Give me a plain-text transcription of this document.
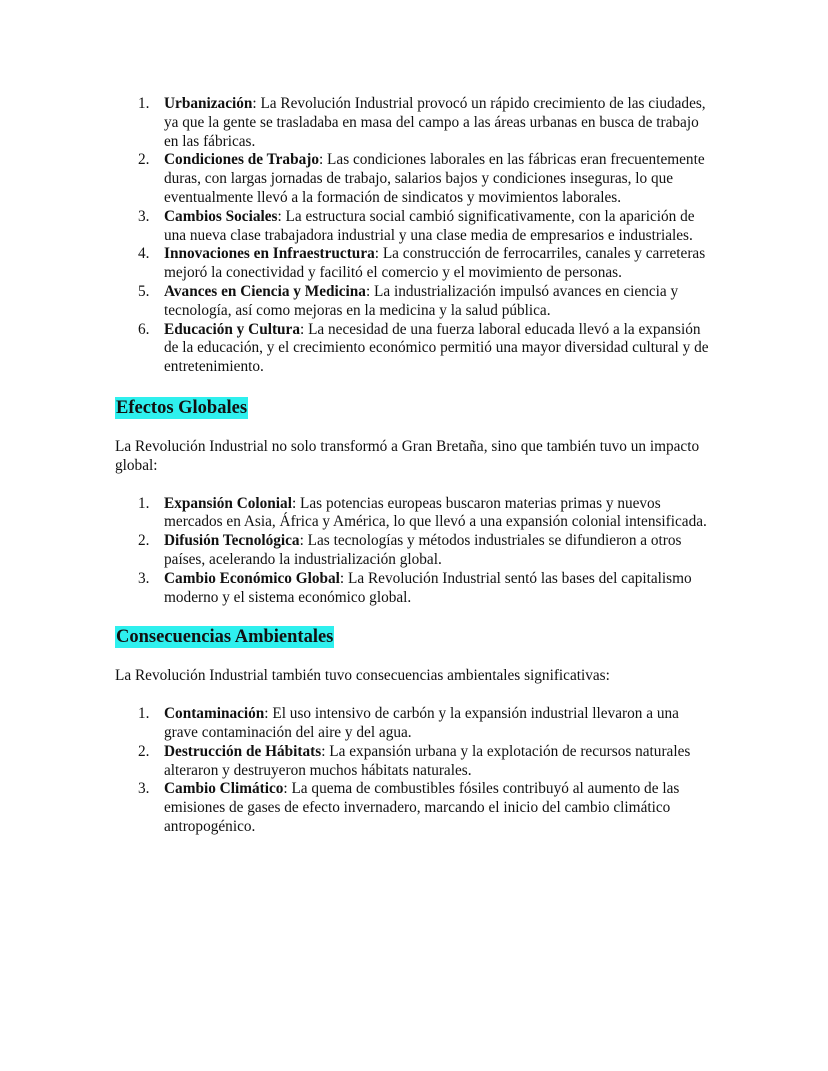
1. Urbanización: La Revolución Industrial provocó un rápido crecimiento de las ciudades, ya que la gente se trasladaba en masa del campo a las áreas urbanas en busca de trabajo en las fábricas.
2. Condiciones de Trabajo: Las condiciones laborales en las fábricas eran frecuentemente duras, con largas jornadas de trabajo, salarios bajos y condiciones inseguras, lo que eventualmente llevó a la formación de sindicatos y movimientos laborales.
3. Cambios Sociales: La estructura social cambió significativamente, con la aparición de una nueva clase trabajadora industrial y una clase media de empresarios e industriales.
4. Innovaciones en Infraestructura: La construcción de ferrocarriles, canales y carreteras mejoró la conectividad y facilitó el comercio y el movimiento de personas.
5. Avances en Ciencia y Medicina: La industrialización impulsó avances en ciencia y tecnología, así como mejoras en la medicina y la salud pública.
6. Educación y Cultura: La necesidad de una fuerza laboral educada llevó a la expansión de la educación, y el crecimiento económico permitió una mayor diversidad cultural y de entretenimiento.
Efectos Globales

La Revolución Industrial no solo transformó a Gran Bretaña, sino que también tuvo un impacto global:

1. Expansión Colonial: Las potencias europeas buscaron materias primas y nuevos mercados en Asia, África y América, lo que llevó a una expansión colonial intensificada.
2. Difusión Tecnológica: Las tecnologías y métodos industriales se difundieron a otros países, acelerando la industrialización global.
3. Cambio Económico Global: La Revolución Industrial sentó las bases del capitalismo moderno y el sistema económico global.
Consecuencias Ambientales

La Revolución Industrial también tuvo consecuencias ambientales significativas:

1. Contaminación: El uso intensivo de carbón y la expansión industrial llevaron a una grave contaminación del aire y del agua.
2. Destrucción de Hábitats: La expansión urbana y la explotación de recursos naturales alteraron y destruyeron muchos hábitats naturales.
3. Cambio Climático: La quema de combustibles fósiles contribuyó al aumento de las emisiones de gases de efecto invernadero, marcando el inicio del cambio climático antropogénico.
